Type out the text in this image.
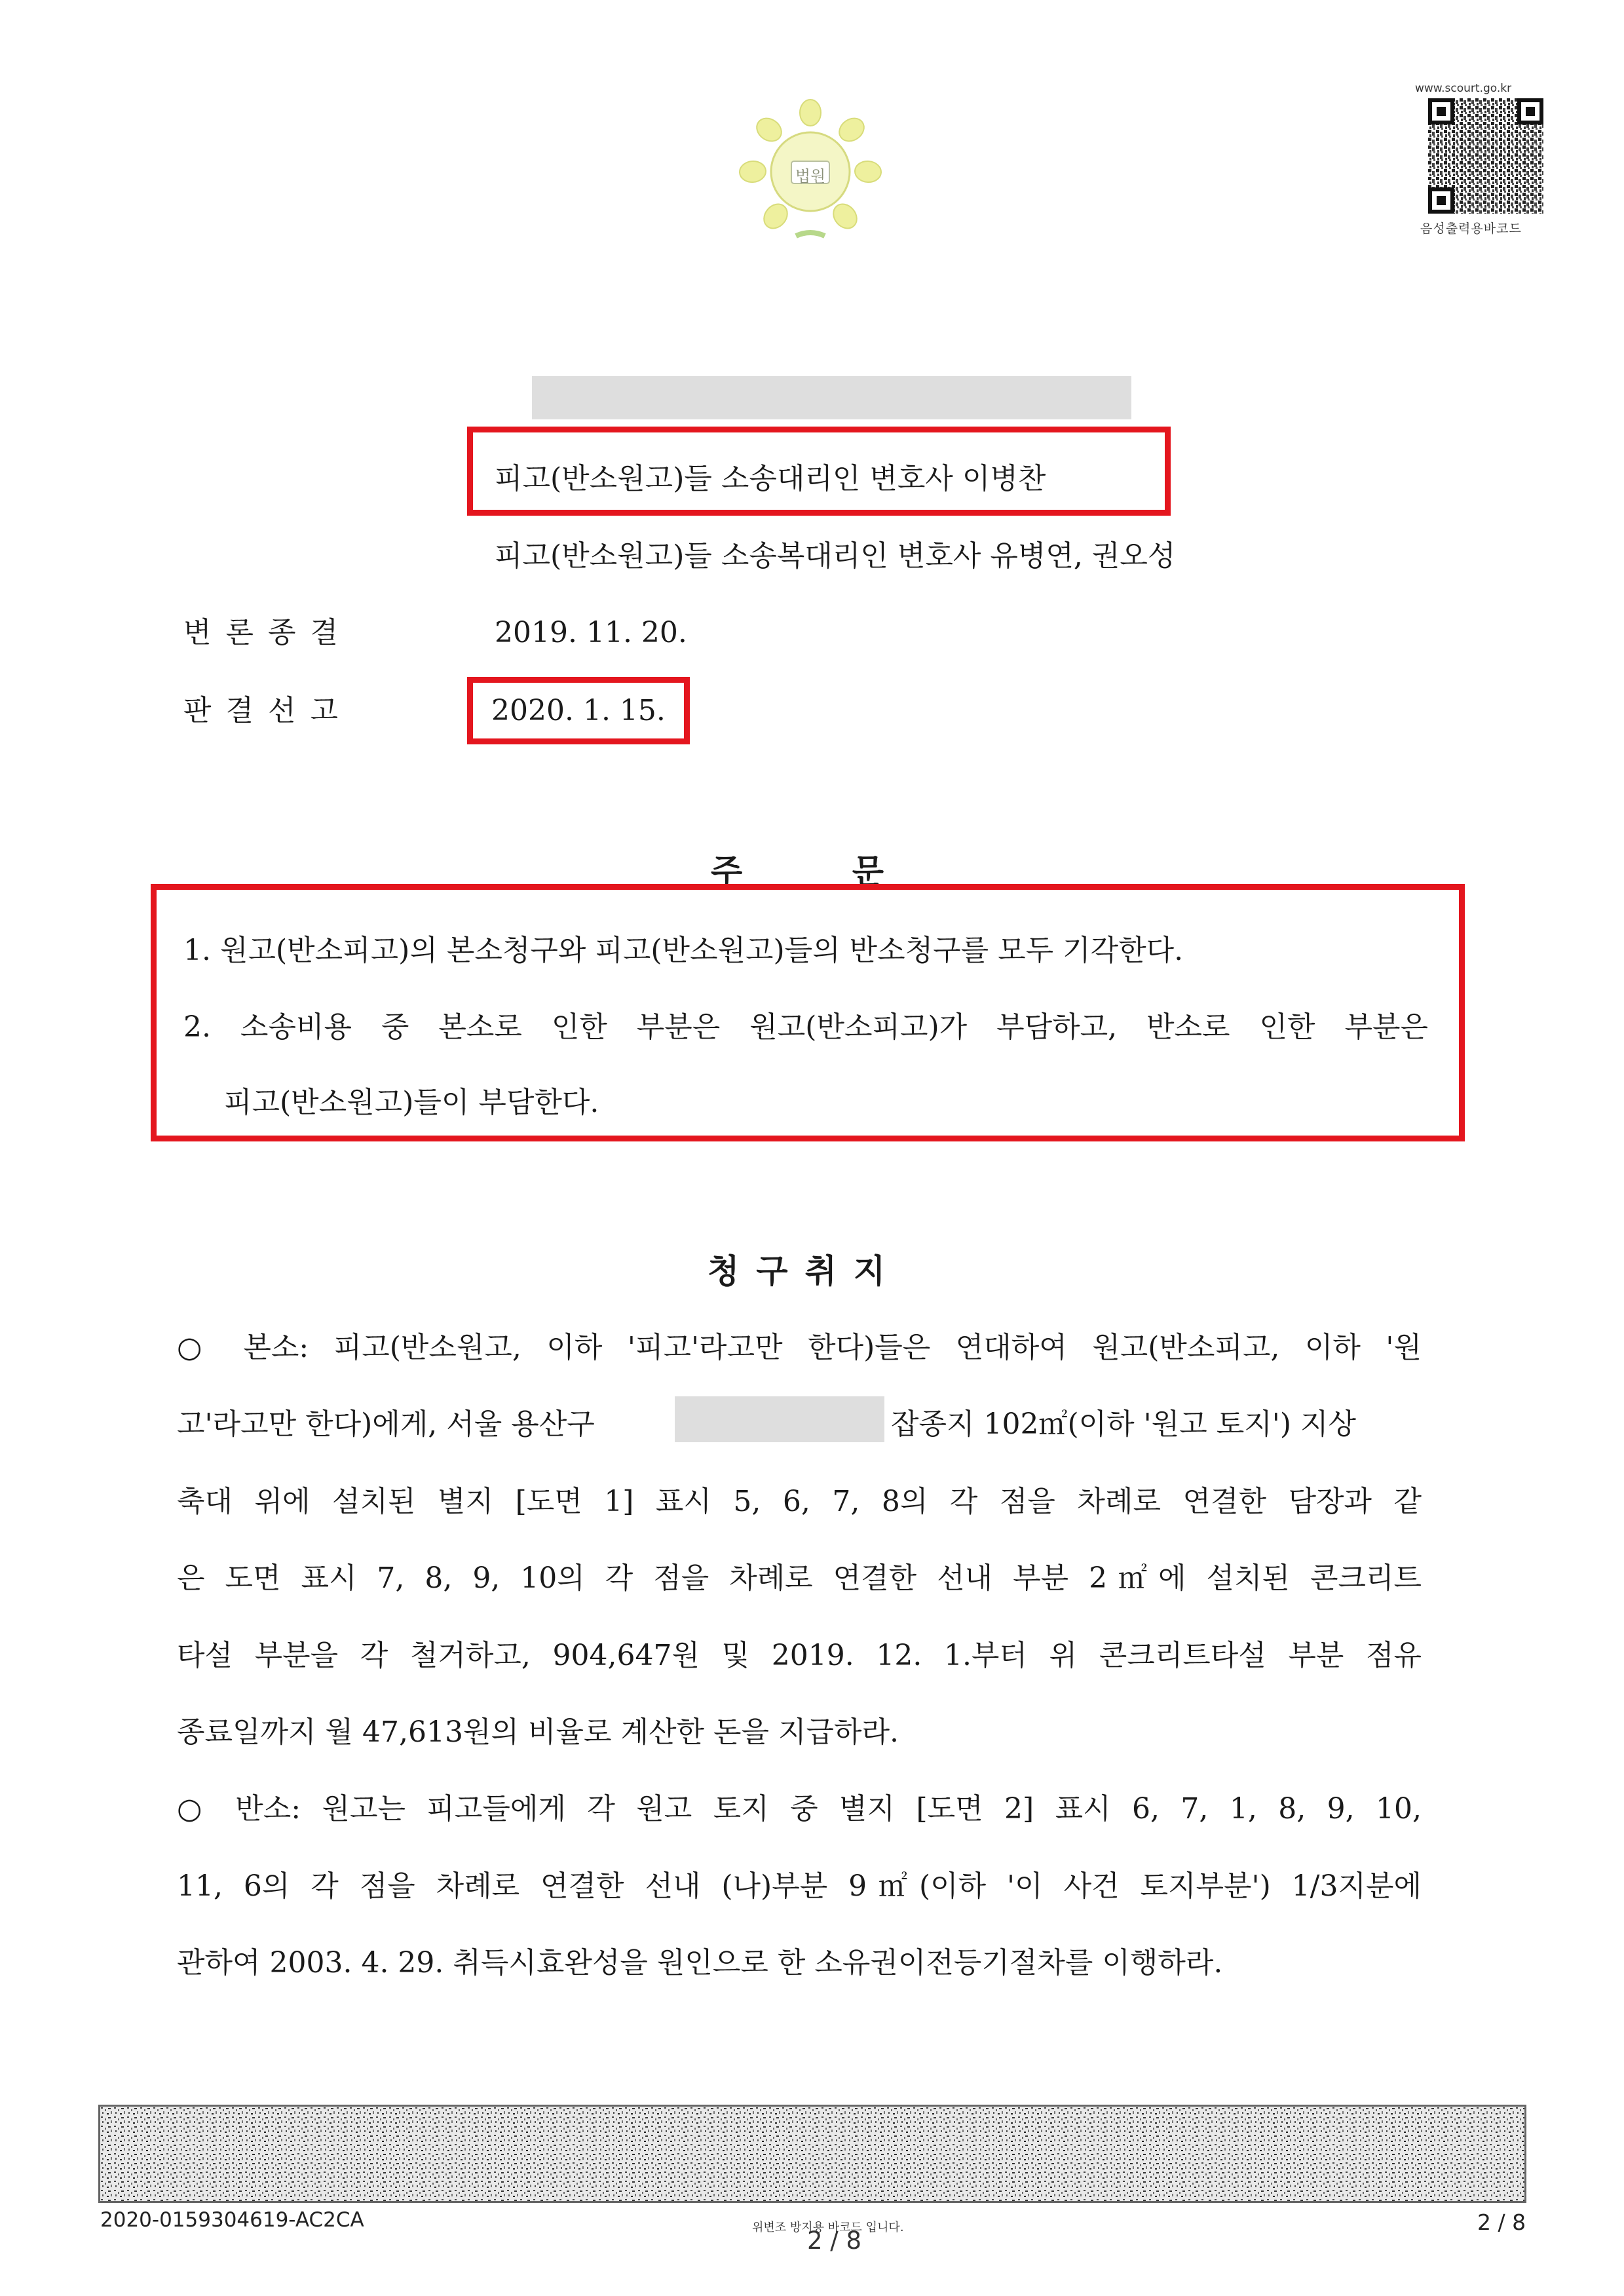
법원
www.scourt.go.kr
음성출력용바코드
피고(반소원고)들 소송대리인 변호사 이병찬
피고(반소원고)들 소송복대리인 변호사 유병연, 권오성
변론종결	2019. 11. 20.
판결선고	2020. 1. 15.
주 문
1. 원고(반소피고)의 본소청구와 피고(반소원고)들의 반소청구를 모두 기각한다.
2. 소송비용 중 본소로 인한 부분은 원고(반소피고)가 부담하고, 반소로 인한 부분은
피고(반소원고)들이 부담한다.
청구취지
○ 본소: 피고(반소원고, 이하 '피고'라고만 한다)들은 연대하여 원고(반소피고, 이하 '원
고'라고만 한다)에게, 서울 용산구	잡종지 102㎡(이하 '원고 토지') 지상
축대 위에 설치된 별지 [도면 1] 표시 5, 6, 7, 8의 각 점을 차례로 연결한 담장과 같
은 도면 표시 7, 8, 9, 10의 각 점을 차례로 연결한 선내 부분 2㎡에 설치된 콘크리트
타설 부분을 각 철거하고, 904,647원 및 2019. 12. 1.부터 위 콘크리트타설 부분 점유
종료일까지 월 47,613원의 비율로 계산한 돈을 지급하라.
○ 반소: 원고는 피고들에게 각 원고 토지 중 별지 [도면 2] 표시 6, 7, 1, 8, 9, 10,
11, 6의 각 점을 차례로 연결한 선내 (나)부분 9㎡(이하 '이 사건 토지부분') 1/3지분에
관하여 2003. 4. 29. 취득시효완성을 원인으로 한 소유권이전등기절차를 이행하라.
2020-0159304619-AC2CA	위변조 방지용 바코드 입니다.
2 / 8
2 / 8
